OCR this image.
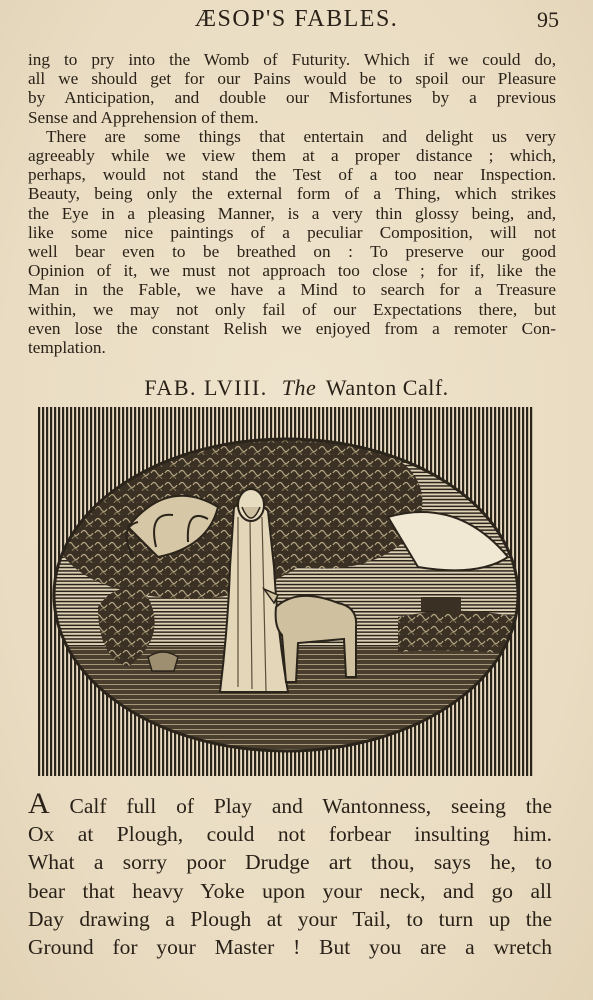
ÆSOP'S FABLES.	95
ing to pry into the Womb of Futurity. Which if we could do,
all we should get for our Pains would be to spoil our Pleasure
by Anticipation, and double our Misfortunes by a previous
Sense and Apprehension of them.
There are some things that entertain and delight us very
agreeably while we view them at a proper distance ; which,
perhaps, would not stand the Test of a too near Inspection.
Beauty, being only the external form of a Thing, which strikes
the Eye in a pleasing Manner, is a very thin glossy being, and,
like some nice paintings of a peculiar Composition, will not
well bear even to be breathed on : To preserve our good
Opinion of it, we must not approach too close ; for if, like the
Man in the Fable, we have a Mind to search for a Treasure
within, we may not only fail of our Expectations there, but
even lose the constant Relish we enjoyed from a remoter Con-
templation.
FAB. LVIII. The Wanton Calf.
A Calf full of Play and Wantonness, seeing the
Ox at Plough, could not forbear insulting him.
What a sorry poor Drudge art thou, says he, to
bear that heavy Yoke upon your neck, and go all
Day drawing a Plough at your Tail, to turn up the
Ground for your Master ! But you are a wretch
